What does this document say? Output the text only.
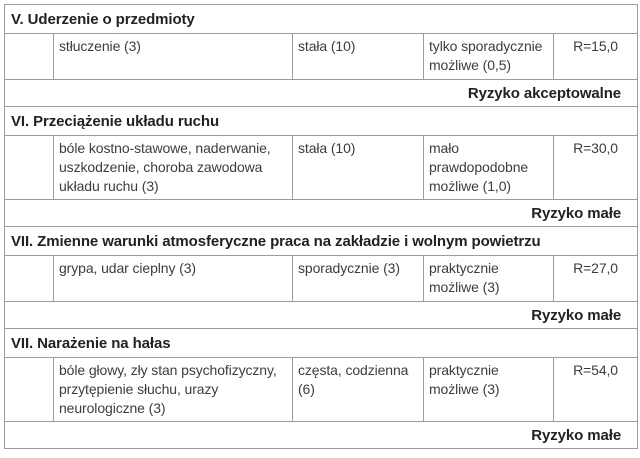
V. Uderzenie o przedmioty				
	stłuczenie (3)	stała (10)	tylko sporadycznie możliwe (0,5)	R=15,0
Ryzyko akceptowalne				
VI. Przeciążenie układu ruchu				
	bóle kostno-stawowe, naderwanie, uszkodzenie, choroba zawodowa układu ruchu (3)	stała (10)	mało prawdopodobne możliwe (1,0)	R=30,0
Ryzyko małe				
VII. Zmienne warunki atmosferyczne praca na zakładzie i wolnym powietrzu				
	grypa, udar cieplny (3)	sporadycznie (3)	praktycznie możliwe (3)	R=27,0
Ryzyko małe				
VII. Narażenie na hałas				
	bóle głowy, zły stan psychofizyczny, przytępienie słuchu, urazy neurologiczne (3)	częsta, codzienna (6)	praktycznie możliwe (3)	R=54,0
Ryzyko małe				
